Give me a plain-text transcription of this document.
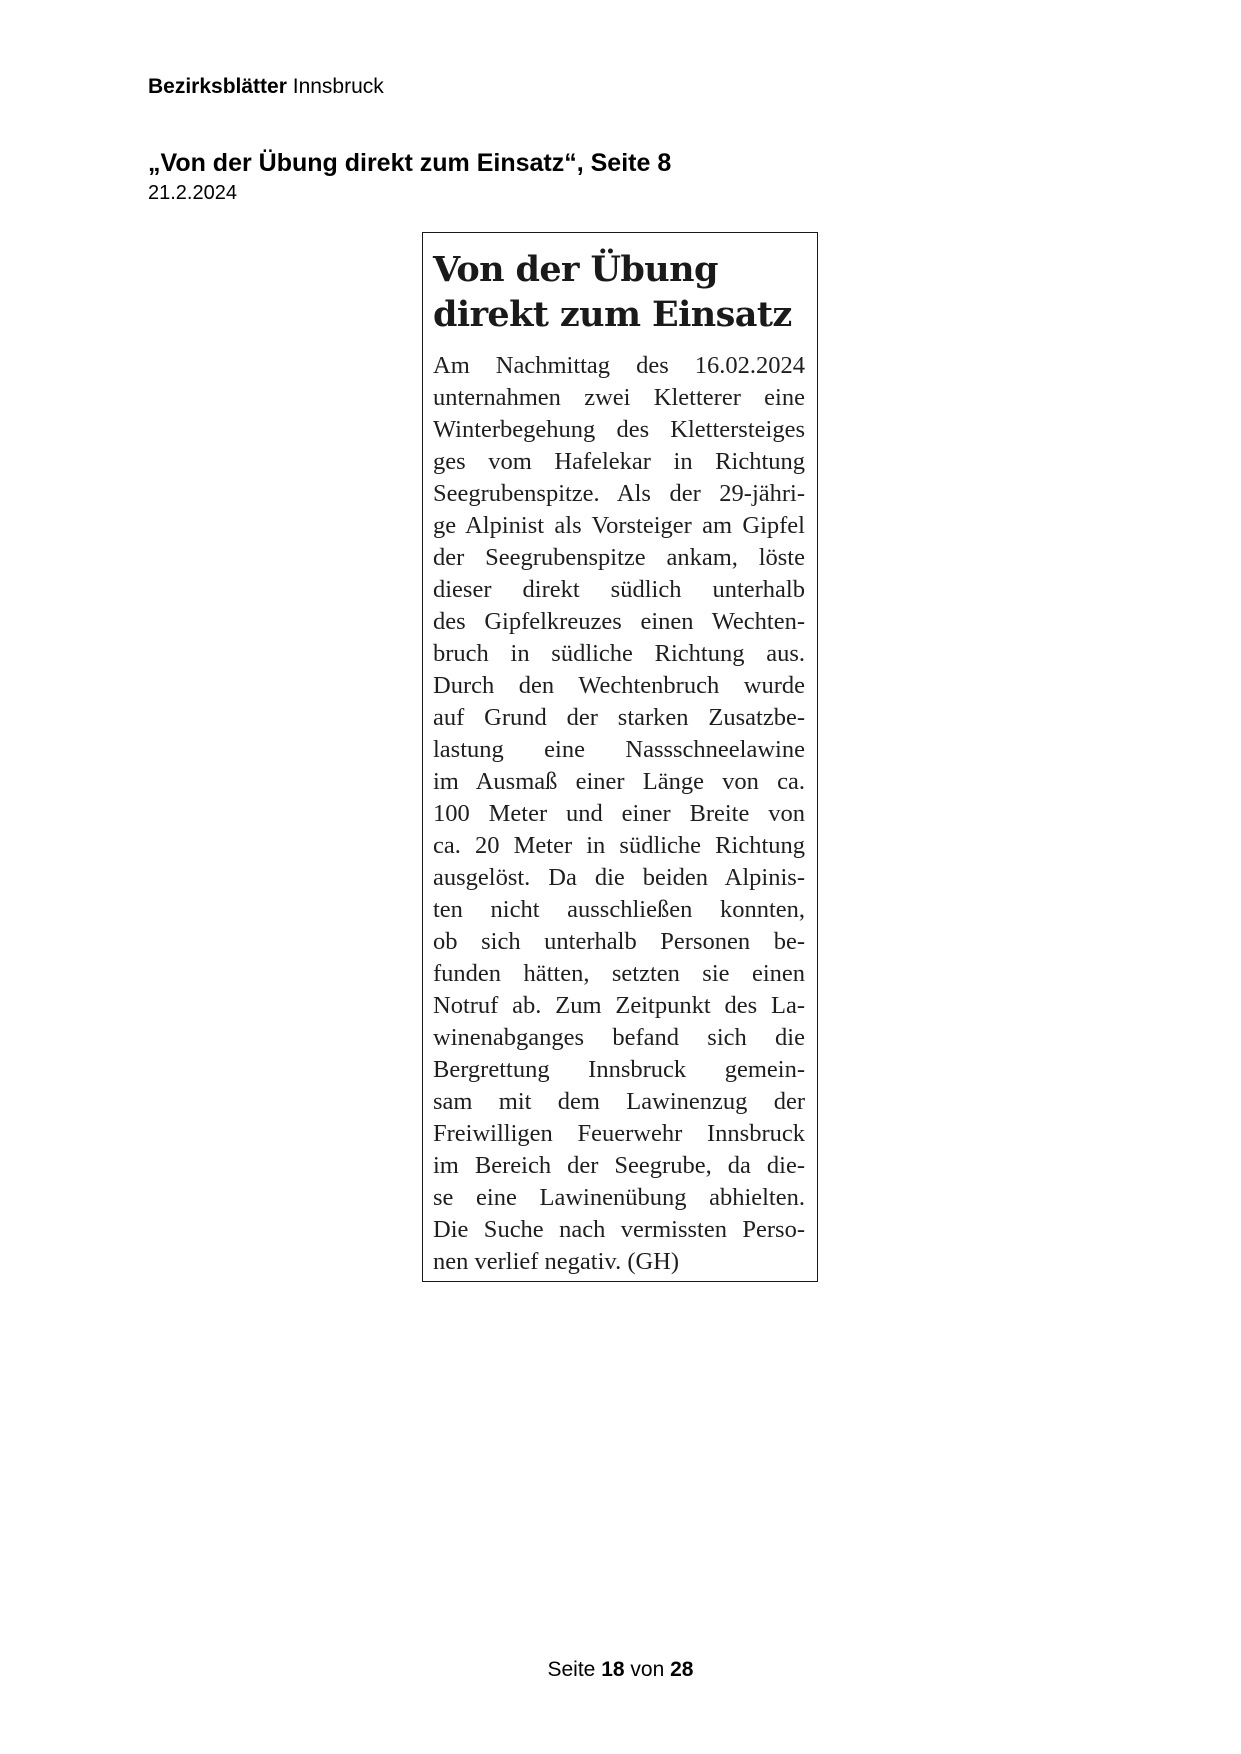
Bezirksblätter Innsbruck
„Von der Übung direkt zum Einsatz“, Seite 8
21.2.2024
Von der Übung
direkt zum Einsatz
Am Nachmittag des 16.02.2024
unternahmen zwei Kletterer eine
Winterbegehung des Klettersteiges
ges vom Hafelekar in Richtung
Seegrubenspitze. Als der 29-jähri-
ge Alpinist als Vorsteiger am Gipfel
der Seegrubenspitze ankam, löste
dieser direkt südlich unterhalb
des Gipfelkreuzes einen Wechten-
bruch in südliche Richtung aus.
Durch den Wechtenbruch wurde
auf Grund der starken Zusatzbe-
lastung eine Nassschneelawine
im Ausmaß einer Länge von ca.
100 Meter und einer Breite von
ca. 20 Meter in südliche Richtung
ausgelöst. Da die beiden Alpinis-
ten nicht ausschließen konnten,
ob sich unterhalb Personen be-
funden hätten, setzten sie einen
Notruf ab. Zum Zeitpunkt des La-
winenabganges befand sich die
Bergrettung Innsbruck gemein-
sam mit dem Lawinenzug der
Freiwilligen Feuerwehr Innsbruck
im Bereich der Seegrube, da die-
se eine Lawinenübung abhielten.
Die Suche nach vermissten Perso-
nen verlief negativ. (GH)
Seite 18 von 28
